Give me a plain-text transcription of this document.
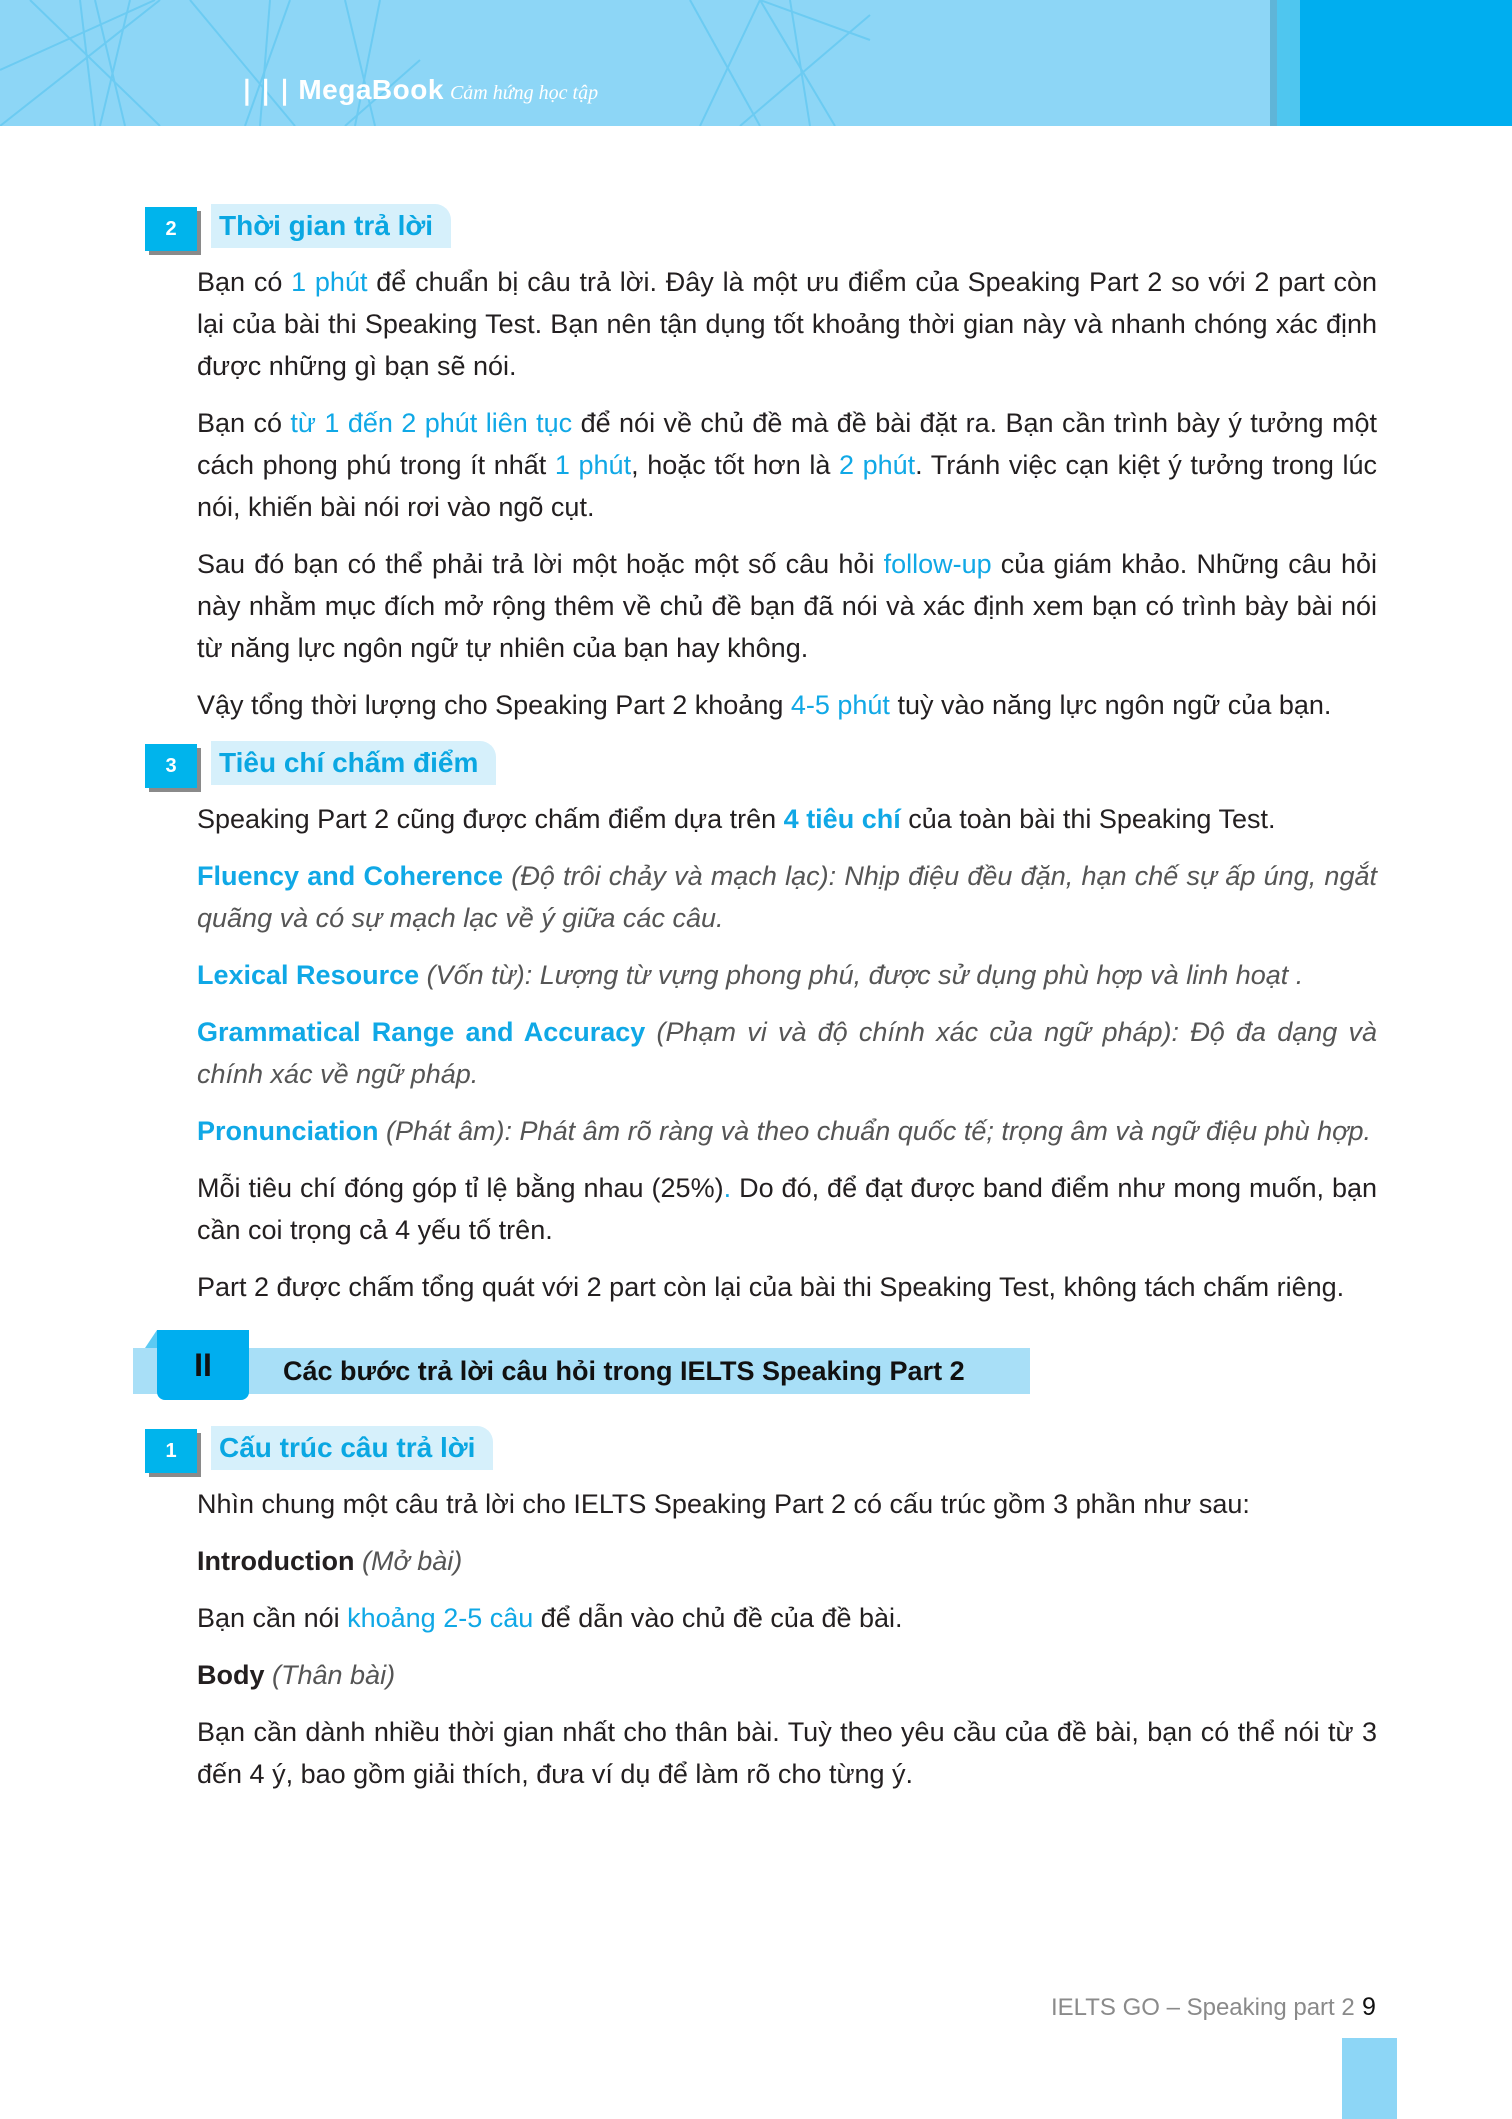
❘❘❘ MegaBook Cảm hứng học tập
2	Thời gian trả lời

Bạn có 1 phút để chuẩn bị câu trả lời. Đây là một ưu điểm của Speaking Part 2 so với 2 part còn lại của bài thi Speaking Test. Bạn nên tận dụng tốt khoảng thời gian này và nhanh chóng xác định được những gì bạn sẽ nói.

Bạn có từ 1 đến 2 phút liên tục để nói về chủ đề mà đề bài đặt ra. Bạn cần trình bày ý tưởng một cách phong phú trong ít nhất 1 phút, hoặc tốt hơn là 2 phút. Tránh việc cạn kiệt ý tưởng trong lúc nói, khiến bài nói rơi vào ngõ cụt.

Sau đó bạn có thể phải trả lời một hoặc một số câu hỏi follow-up của giám khảo. Những câu hỏi này nhằm mục đích mở rộng thêm về chủ đề bạn đã nói và xác định xem bạn có trình bày bài nói từ năng lực ngôn ngữ tự nhiên của bạn hay không.

Vậy tổng thời lượng cho Speaking Part 2 khoảng 4-5 phút tuỳ vào năng lực ngôn ngữ của bạn.

3	Tiêu chí chấm điểm

Speaking Part 2 cũng được chấm điểm dựa trên 4 tiêu chí của toàn bài thi Speaking Test.

Fluency and Coherence (Độ trôi chảy và mạch lạc): Nhịp điệu đều đặn, hạn chế sự ấp úng, ngắt quãng và có sự mạch lạc về ý giữa các câu.

Lexical Resource (Vốn từ): Lượng từ vựng phong phú, được sử dụng phù hợp và linh hoạt .

Grammatical Range and Accuracy (Phạm vi và độ chính xác của ngữ pháp): Độ đa dạng và chính xác về ngữ pháp.

Pronunciation (Phát âm): Phát âm rõ ràng và theo chuẩn quốc tế; trọng âm và ngữ điệu phù hợp.

Mỗi tiêu chí đóng góp tỉ lệ bằng nhau (25%). Do đó, để đạt được band điểm như mong muốn, bạn cần coi trọng cả 4 yếu tố trên.

Part 2 được chấm tổng quát với 2 part còn lại của bài thi Speaking Test, không tách chấm riêng.

II	Các bước trả lời câu hỏi trong IELTS Speaking Part 2
1	Cấu trúc câu trả lời

Nhìn chung một câu trả lời cho IELTS Speaking Part 2 có cấu trúc gồm 3 phần như sau:

Introduction (Mở bài)

Bạn cần nói khoảng 2-5 câu để dẫn vào chủ đề của đề bài.

Body (Thân bài)

Bạn cần dành nhiều thời gian nhất cho thân bài. Tuỳ theo yêu cầu của đề bài, bạn có thể nói từ 3 đến 4 ý, bao gồm giải thích, đưa ví dụ để làm rõ cho từng ý.

IELTS GO – Speaking part 2 9
